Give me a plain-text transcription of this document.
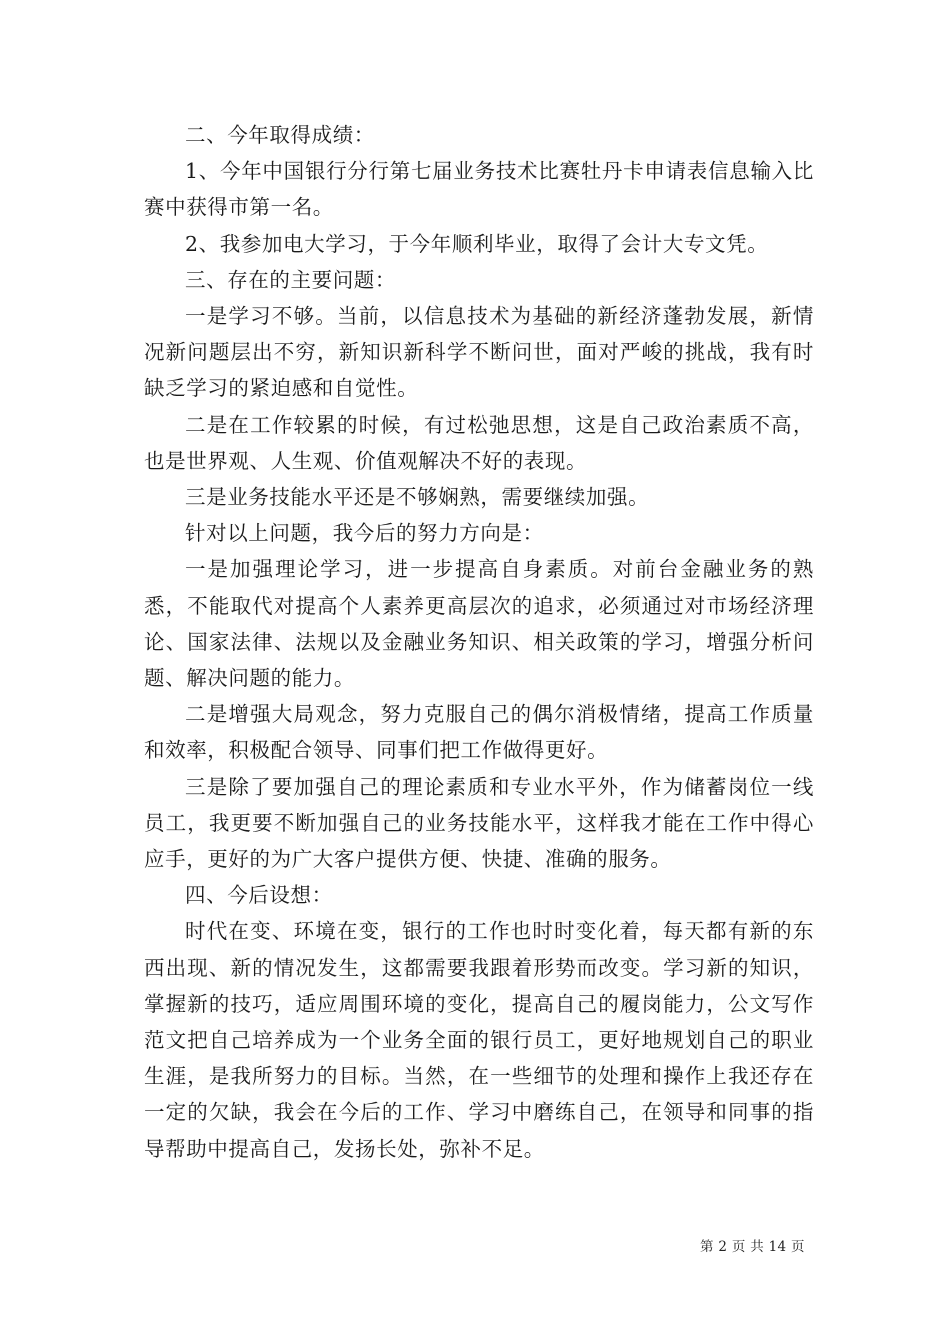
二、今年取得成绩：

1、今年中国银行分行第七届业务技术比赛牡丹卡申请表信息输入比赛中获得市第一名。

2、我参加电大学习，于今年顺利毕业，取得了会计大专文凭。

三、存在的主要问题：

一是学习不够。当前，以信息技术为基础的新经济蓬勃发展，新情况新问题层出不穷，新知识新科学不断问世，面对严峻的挑战，我有时缺乏学习的紧迫感和自觉性。

二是在工作较累的时候，有过松弛思想，这是自己政治素质不高，也是世界观、人生观、价值观解决不好的表现。

三是业务技能水平还是不够娴熟，需要继续加强。

针对以上问题，我今后的努力方向是：

一是加强理论学习，进一步提高自身素质。对前台金融业务的熟悉，不能取代对提高个人素养更高层次的追求，必须通过对市场经济理论、国家法律、法规以及金融业务知识、相关政策的学习，增强分析问题、解决问题的能力。

二是增强大局观念，努力克服自己的偶尔消极情绪，提高工作质量和效率，积极配合领导、同事们把工作做得更好。

三是除了要加强自己的理论素质和专业水平外，作为储蓄岗位一线员工，我更要不断加强自己的业务技能水平，这样我才能在工作中得心应手，更好的为广大客户提供方便、快捷、准确的服务。

四、今后设想：

时代在变、环境在变，银行的工作也时时变化着，每天都有新的东西出现、新的情况发生，这都需要我跟着形势而改变。学习新的知识，掌握新的技巧，适应周围环境的变化，提高自己的履岗能力，公文写作范文把自己培养成为一个业务全面的银行员工，更好地规划自己的职业生涯，是我所努力的目标。当然，在一些细节的处理和操作上我还存在一定的欠缺，我会在今后的工作、学习中磨练自己，在领导和同事的指导帮助中提高自己，发扬长处，弥补不足。

第 2 页 共 14 页
